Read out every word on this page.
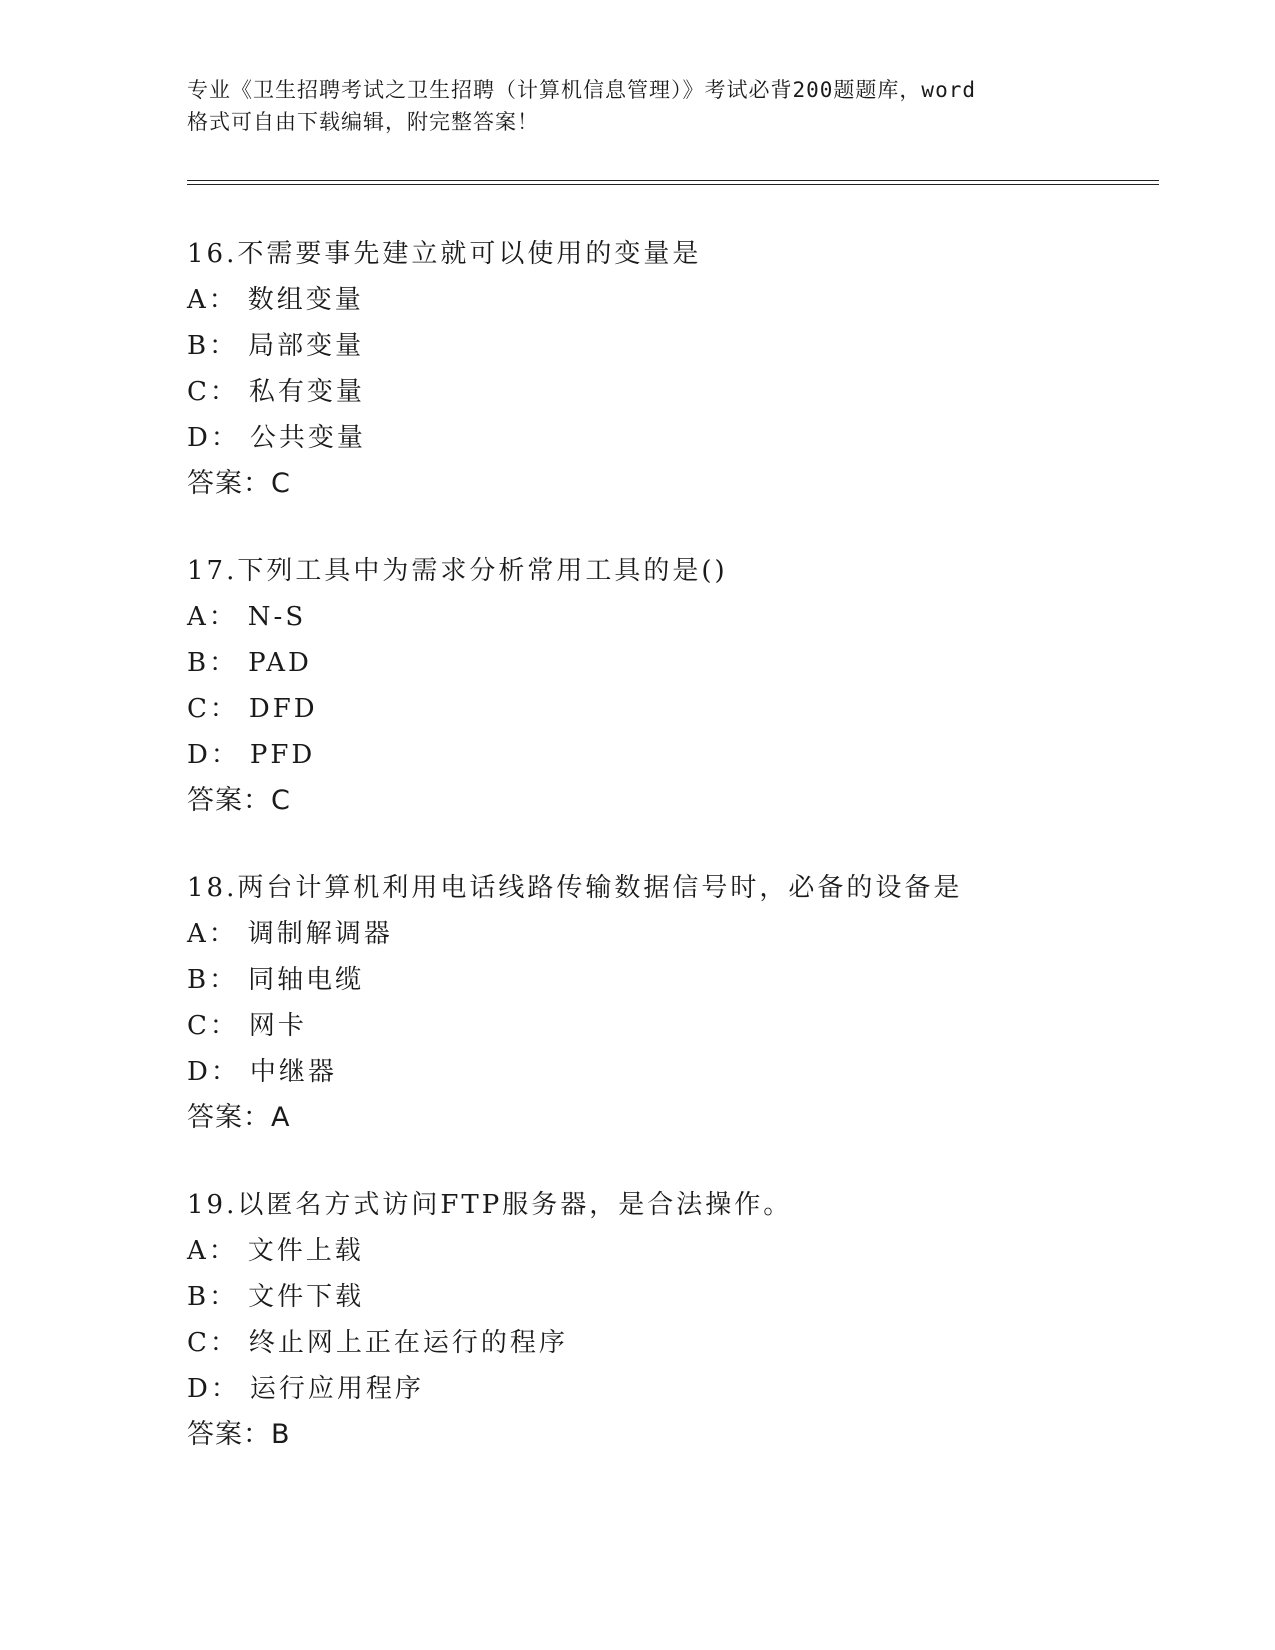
专业《卫生招聘考试之卫生招聘（计算机信息管理）》考试必背200题题库，word
格式可自由下载编辑，附完整答案！
16.不需要事先建立就可以使用的变量是
A： 数组变量
B： 局部变量
C： 私有变量
D： 公共变量
答案：C
17.下列工具中为需求分析常用工具的是()
A： N-S
B： PAD
C： DFD
D： PFD
答案：C
18.两台计算机利用电话线路传输数据信号时，必备的设备是
A： 调制解调器
B： 同轴电缆
C： 网卡
D： 中继器
答案：A
19.以匿名方式访问FTP服务器，是合法操作。
A： 文件上载
B： 文件下载
C： 终止网上正在运行的程序
D： 运行应用程序
答案：B
